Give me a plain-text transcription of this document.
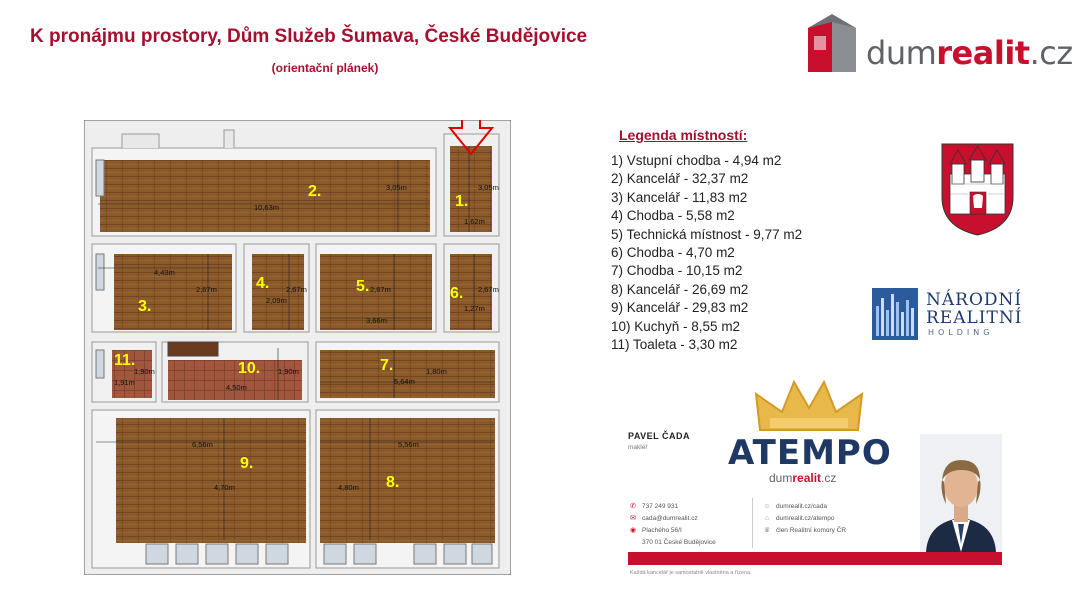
K pronájmu prostory, Dům Služeb Šumava, České Budějovice
(orientační plánek)	dumrealit.cz
1.
2.
3.
4.	5.	6.
7.
8.
9.
10.
11.
3,05m
10,63m
3,05m
1,62m
4,43m
2,67m	2,67m
2,09m
2,67m
3,66m
2,67m
1,27m
1,90m
1,91m
1,90m
4,50m
1,80m
5,64m
6,56m
4,70m
5,56m
4,80m
Legenda místností:
1) Vstupní chodba - 4,94 m2
2) Kancelář - 32,37 m2
3) Kancelář - 11,83 m2
4) Chodba - 5,58 m2
5) Technická místnost - 9,77 m2
6) Chodba - 4,70 m2
7) Chodba - 10,15 m2
8) Kancelář - 26,69 m2
9) Kancelář - 29,83 m2
10) Kuchyň - 8,55 m2
11) Toaleta - 3,30 m2
NÁRODNÍ
REALITNÍ
HOLDING
ATEMPO
dumrealit.cz
PAVEL ČADA
makléř
✆ 737 249 931
✉ cada@dumrealit.cz
◉ Plachého 56/I
370 01 České Budějovice
☺ dumrealit.cz/cada
⌂	dumrealit.cz/atempo
♛ člen Realitní komory ČR
Každá kancelář je samostatně vlastněna a řízena.
